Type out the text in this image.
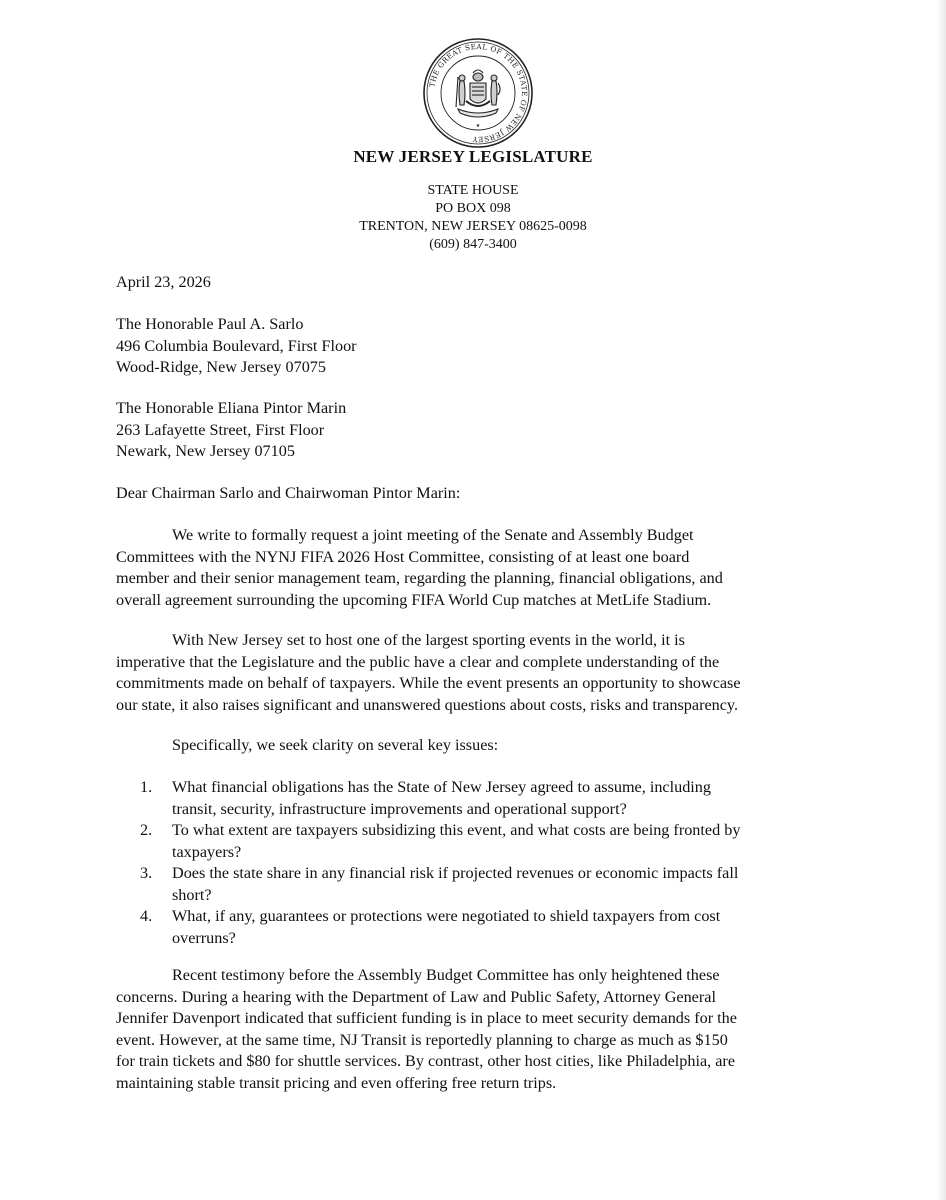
THE GREAT SEAL OF THE STATE OF NEW JERSEY
★
NEW JERSEY LEGISLATURE
STATE HOUSE
PO BOX 098
TRENTON, NEW JERSEY 08625-0098
(609) 847-3400
April 23, 2026
The Honorable Paul A. Sarlo
496 Columbia Boulevard, First Floor
Wood-Ridge, New Jersey 07075
The Honorable Eliana Pintor Marin
263 Lafayette Street, First Floor
Newark, New Jersey 07105
Dear Chairman Sarlo and Chairwoman Pintor Marin:
We write to formally request a joint meeting of the Senate and Assembly Budget
Committees with the NYNJ FIFA 2026 Host Committee, consisting of at least one board
member and their senior management team, regarding the planning, financial obligations, and
overall agreement surrounding the upcoming FIFA World Cup matches at MetLife Stadium.
With New Jersey set to host one of the largest sporting events in the world, it is
imperative that the Legislature and the public have a clear and complete understanding of the
commitments made on behalf of taxpayers. While the event presents an opportunity to showcase
our state, it also raises significant and unanswered questions about costs, risks and transparency.
Specifically, we seek clarity on several key issues:
1. What financial obligations has the State of New Jersey agreed to assume, including
transit, security, infrastructure improvements and operational support?
2. To what extent are taxpayers subsidizing this event, and what costs are being fronted by
taxpayers?
3. Does the state share in any financial risk if projected revenues or economic impacts fall
short?
4. What, if any, guarantees or protections were negotiated to shield taxpayers from cost
overruns?
Recent testimony before the Assembly Budget Committee has only heightened these
concerns. During a hearing with the Department of Law and Public Safety, Attorney General
Jennifer Davenport indicated that sufficient funding is in place to meet security demands for the
event. However, at the same time, NJ Transit is reportedly planning to charge as much as $150
for train tickets and $80 for shuttle services. By contrast, other host cities, like Philadelphia, are
maintaining stable transit pricing and even offering free return trips.
